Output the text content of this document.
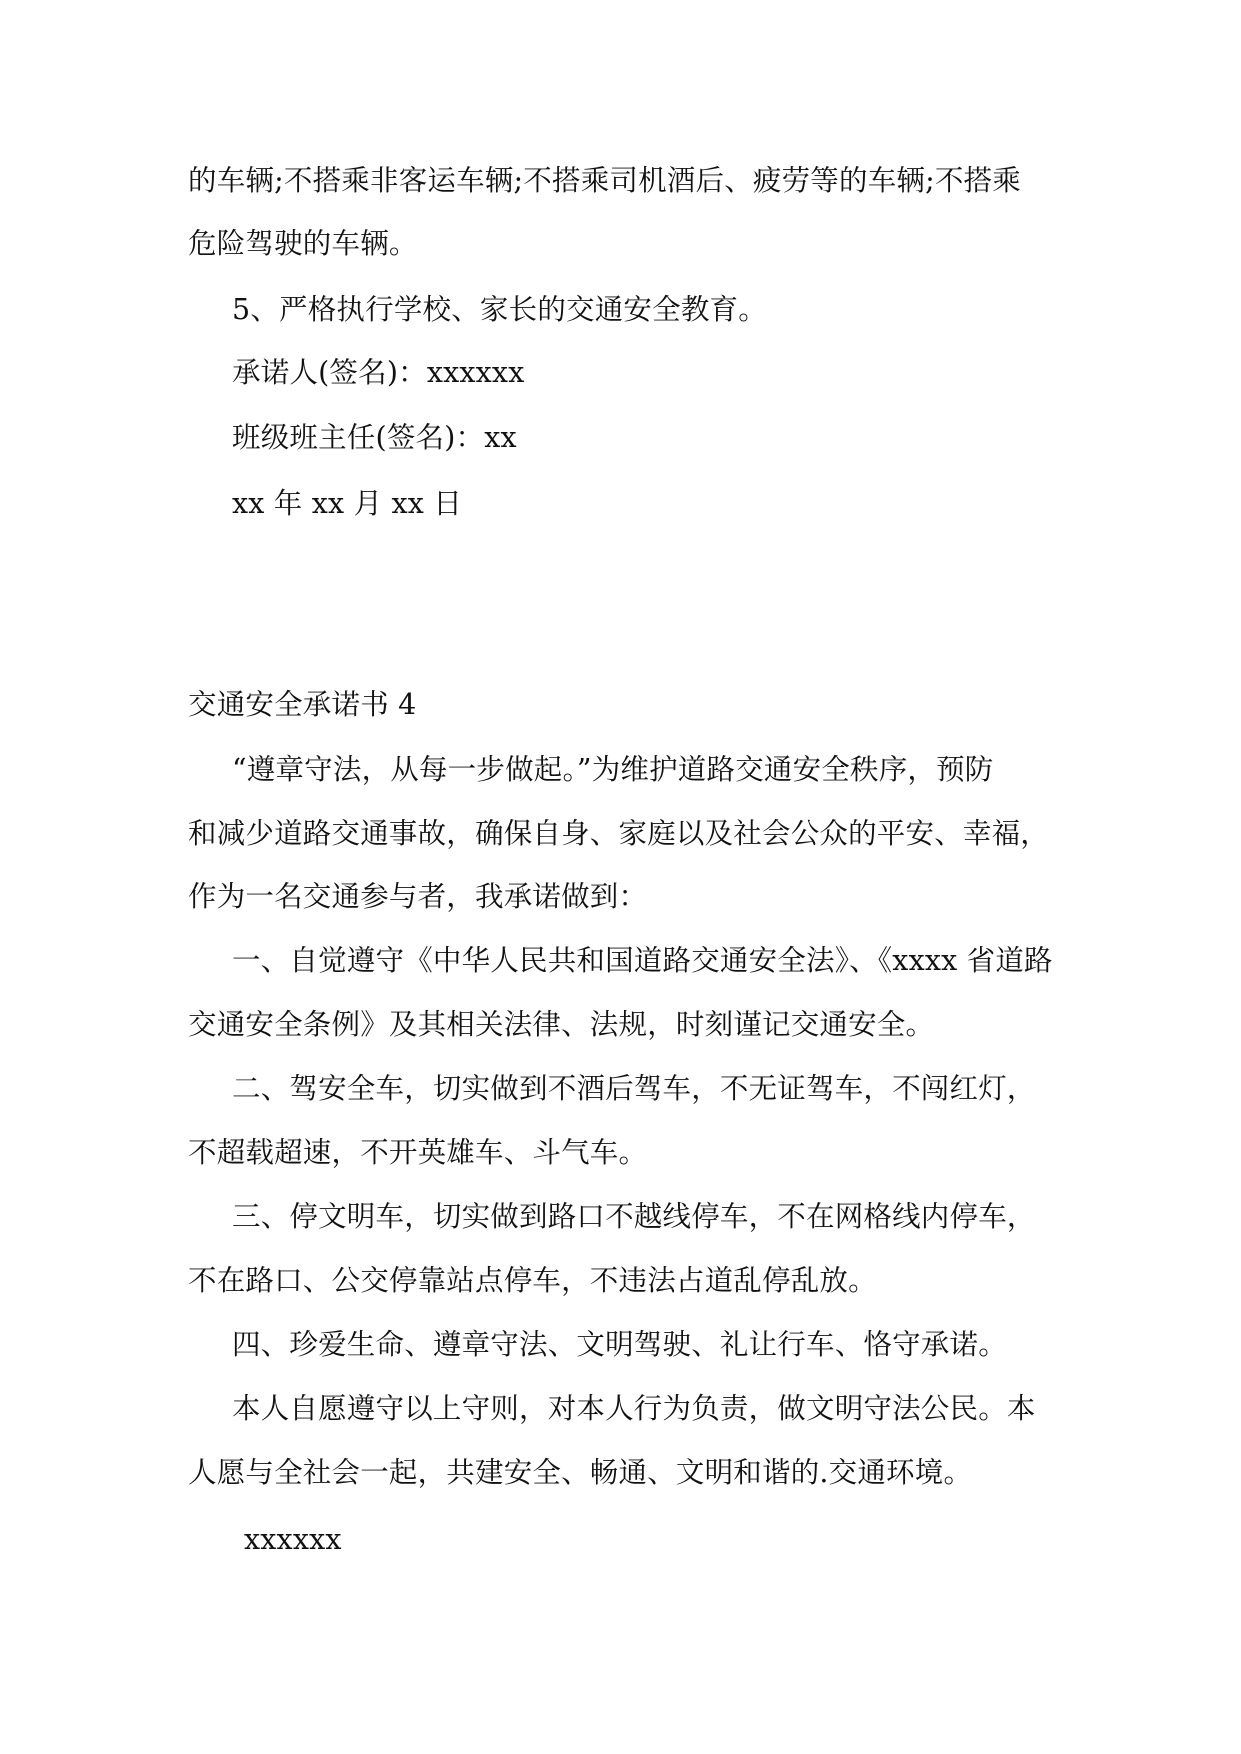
的车辆;不搭乘非客运车辆;不搭乘司机酒后、疲劳等的车辆;不搭乘
危险驾驶的车辆。
5、严格执行学校、家长的交通安全教育。
承诺人(签名)：xxxxxx
班级班主任(签名)：xx
xx 年 xx 月 xx 日
交通安全承诺书 4
“遵章守法，从每一步做起。”为维护道路交通安全秩序，预防
和减少道路交通事故，确保自身、家庭以及社会公众的平安、幸福，
作为一名交通参与者，我承诺做到：
一、自觉遵守《中华人民共和国道路交通安全法》、《xxxx 省道路
交通安全条例》及其相关法律、法规，时刻谨记交通安全。
二、驾安全车，切实做到不酒后驾车，不无证驾车，不闯红灯，
不超载超速，不开英雄车、斗气车。
三、停文明车，切实做到路口不越线停车，不在网格线内停车，
不在路口、公交停靠站点停车，不违法占道乱停乱放。
四、珍爱生命、遵章守法、文明驾驶、礼让行车、恪守承诺。
本人自愿遵守以上守则，对本人行为负责，做文明守法公民。本
人愿与全社会一起，共建安全、畅通、文明和谐的.交通环境。
xxxxxx
